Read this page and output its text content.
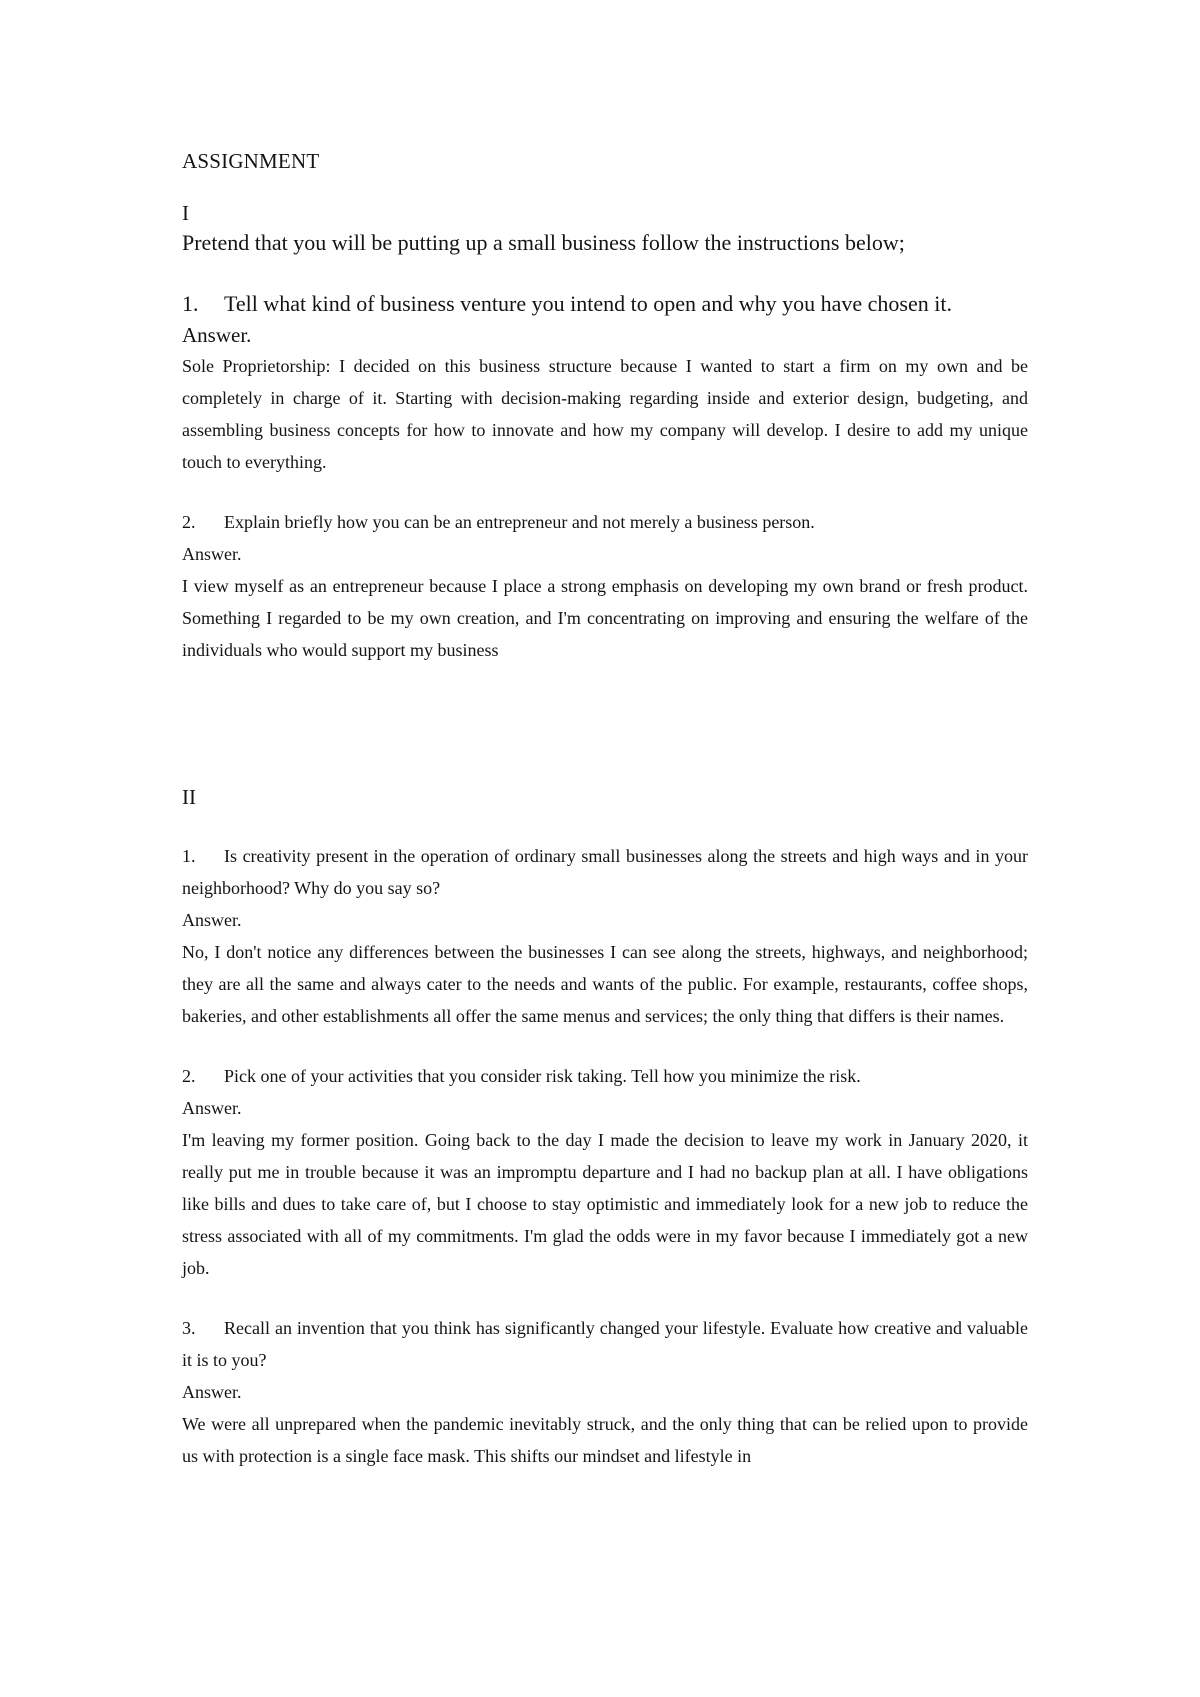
ASSIGNMENT

I

Pretend that you will be putting up a small business follow the instructions below;

1. Tell what kind of business venture you intend to open and why you have chosen it.

Answer.

Sole Proprietorship: I decided on this business structure because I wanted to start a firm on my own and be completely in charge of it. Starting with decision-making regarding inside and exterior design, budgeting, and assembling business concepts for how to innovate and how my company will develop. I desire to add my unique touch to everything.

2. Explain briefly how you can be an entrepreneur and not merely a business person.

Answer.

I view myself as an entrepreneur because I place a strong emphasis on developing my own brand or fresh product. Something I regarded to be my own creation, and I'm concentrating on improving and ensuring the welfare of the individuals who would support my business

II

1. Is creativity present in the operation of ordinary small businesses along the streets and high ways and in your neighborhood? Why do you say so?

Answer.

No, I don't notice any differences between the businesses I can see along the streets, highways, and neighborhood; they are all the same and always cater to the needs and wants of the public. For example, restaurants, coffee shops, bakeries, and other establishments all offer the same menus and services; the only thing that differs is their names.

2. Pick one of your activities that you consider risk taking. Tell how you minimize the risk.

Answer.

I'm leaving my former position. Going back to the day I made the decision to leave my work in January 2020, it really put me in trouble because it was an impromptu departure and I had no backup plan at all. I have obligations like bills and dues to take care of, but I choose to stay optimistic and immediately look for a new job to reduce the stress associated with all of my commitments. I'm glad the odds were in my favor because I immediately got a new job.

3. Recall an invention that you think has significantly changed your lifestyle. Evaluate how creative and valuable it is to you?

Answer.

We were all unprepared when the pandemic inevitably struck, and the only thing that can be relied upon to provide us with protection is a single face mask. This shifts our mindset and lifestyle in
